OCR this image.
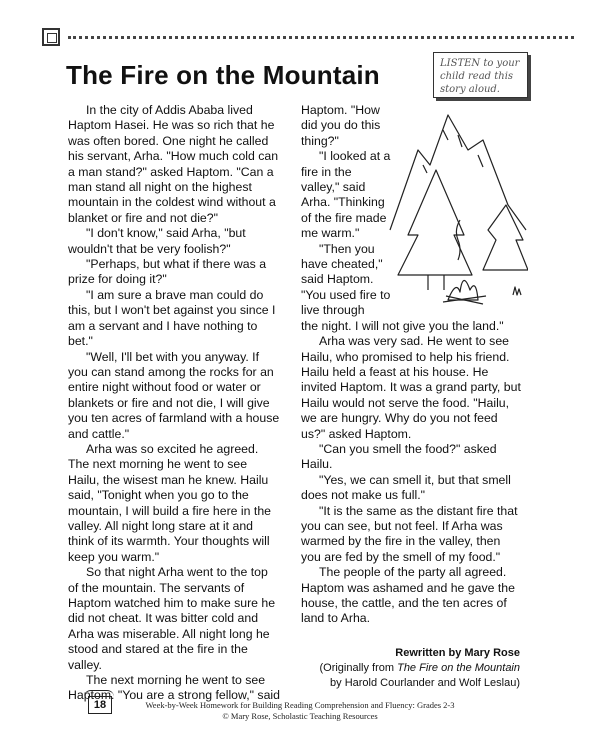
The Fire on the Mountain	LISTEN to your child read this story aloud.

In the city of Addis Ababa lived Haptom Hasei. He was so rich that he was often bored. One night he called his servant, Arha. "How much cold can a man stand?" asked Haptom. "Can a man stand all night on the highest mountain in the coldest wind without a blanket or fire and not die?"

"I don't know," said Arha, "but wouldn't that be very foolish?"

"Perhaps, but what if there was a prize for doing it?"

"I am sure a brave man could do this, but I won't bet against you since I am a servant and I have nothing to bet."

"Well, I'll bet with you anyway. If you can stand among the rocks for an entire night without food or water or blankets or fire and not die, I will give you ten acres of farmland with a house and cattle."

Arha was so excited he agreed. The next morning he went to see Hailu, the wisest man he knew. Hailu said, "Tonight when you go to the mountain, I will build a fire here in the valley. All night long stare at it and think of its warmth. Your thoughts will keep you warm."

So that night Arha went to the top of the mountain. The servants of Haptom watched him to make sure he did not cheat. It was bitter cold and Arha was miserable. All night long he stood and stared at the fire in the valley.

The next morning he went to see Haptom. "You are a strong fellow," said

Haptom. "How did you do this thing?"

"I looked at a fire in the valley," said Arha. "Thinking of the fire made me warm."

"Then you have cheated," said Haptom. "You used fire to live through

the night. I will not give you the land."

Arha was very sad. He went to see Hailu, who promised to help his friend. Hailu held a feast at his house. He invited Haptom. It was a grand party, but Hailu would not serve the food. "Hailu, we are hungry. Why do you not feed us?" asked Haptom.

"Can you smell the food?" asked Hailu.

"Yes, we can smell it, but that smell does not make us full."

"It is the same as the distant fire that you can see, but not feel. If Arha was warmed by the fire in the valley, then you are fed by the smell of my food."

The people of the party all agreed. Haptom was ashamed and he gave the house, the cattle, and the ten acres of land to Arha.

Rewritten by Mary Rose
(Originally from The Fire on the Mountain
by Harold Courlander and Wolf Leslau)
18	Week-by-Week Homework for Building Reading Comprehension and Fluency: Grades 2-3
© Mary Rose, Scholastic Teaching Resources
